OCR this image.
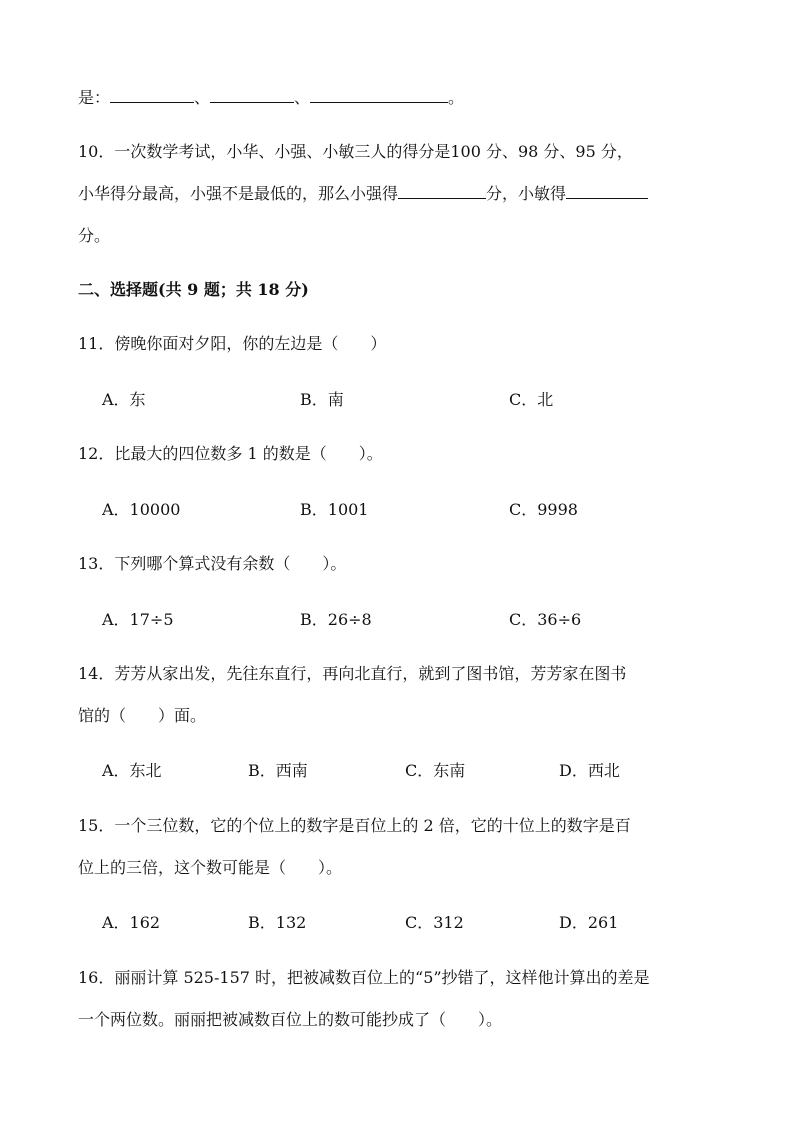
是：	、	、	。
10．一次数学考试，小华、小强、小敏三人的得分是100 分、98 分、95 分，
小华得分最高，小强不是最低的，那么小强得	分，小敏得
分。
二、选择题(共 9 题；共 18 分)
11．傍晚你面对夕阳，你的左边是（　　）
A．东	B．南	C．北
12．比最大的四位数多 1 的数是（　　）。
A．10000	B．1001	C．9998
13．下列哪个算式没有余数（　　）。
A．17÷5	B．26÷8	C．36÷6
14．芳芳从家出发，先往东直行，再向北直行，就到了图书馆，芳芳家在图书
馆的（　　）面。
A．东北	B．西南	C．东南	D．西北
15．一个三位数，它的个位上的数字是百位上的 2 倍，它的十位上的数字是百
位上的三倍，这个数可能是（　　）。
A．162	B．132	C．312	D．261
16．丽丽计算 525-157 时，把被减数百位上的“5”抄错了，这样他计算出的差是
一个两位数。丽丽把被减数百位上的数可能抄成了（　　）。
